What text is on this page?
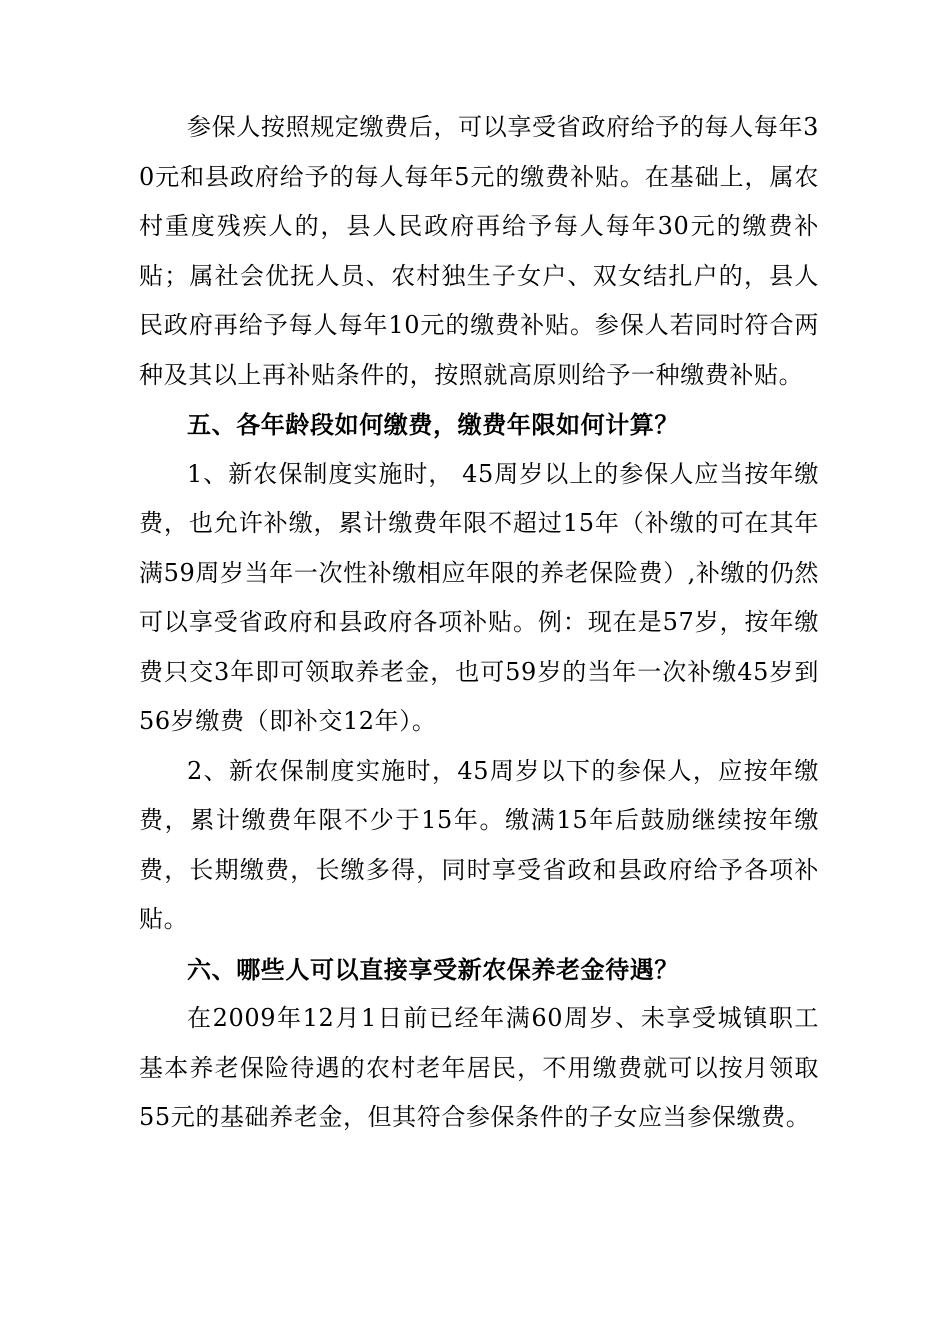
参保人按照规定缴费后，可以享受省政府给予的每人每年30元和县政府给予的每人每年5元的缴费补贴。在基础上，属农村重度残疾人的，县人民政府再给予每人每年30元的缴费补贴；属社会优抚人员、农村独生子女户、双女结扎户的，县人民政府再给予每人每年10元的缴费补贴。参保人若同时符合两种及其以上再补贴条件的，按照就高原则给予一种缴费补贴。

五、各年龄段如何缴费，缴费年限如何计算？

1、新农保制度实施时， 45周岁以上的参保人应当按年缴费，也允许补缴，累计缴费年限不超过15年（补缴的可在其年满59周岁当年一次性补缴相应年限的养老保险费）,补缴的仍然可以享受省政府和县政府各项补贴。例：现在是57岁，按年缴费只交3年即可领取养老金，也可59岁的当年一次补缴45岁到56岁缴费（即补交12年）。

2、新农保制度实施时，45周岁以下的参保人，应按年缴费，累计缴费年限不少于15年。缴满15年后鼓励继续按年缴费，长期缴费，长缴多得，同时享受省政和县政府给予各项补贴。

六、哪些人可以直接享受新农保养老金待遇？

在2009年12月1日前已经年满60周岁、未享受城镇职工基本养老保险待遇的农村老年居民，不用缴费就可以按月领取55元的基础养老金，但其符合参保条件的子女应当参保缴费。
